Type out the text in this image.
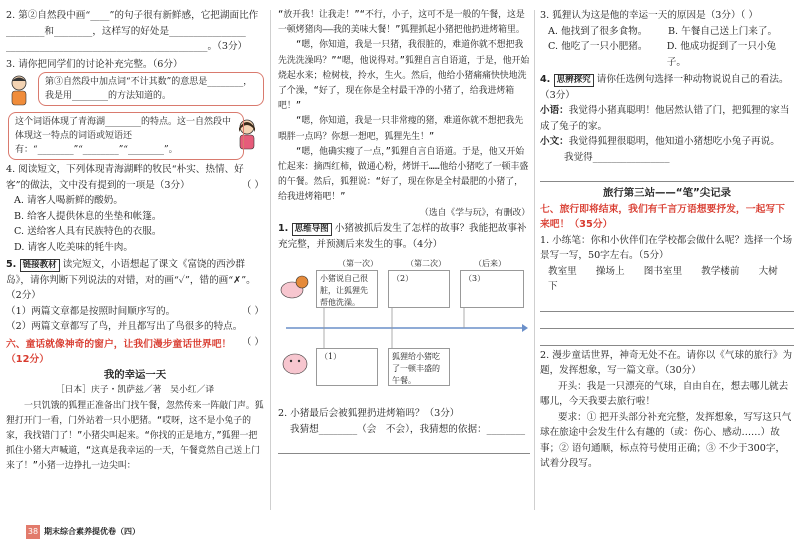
2. 第②自然段中画“____”的句子很有新鲜感，它把湖面比作________和________，这样写的好处是________________
__________________________________________。（3分）
3. 请你把同学们的讨论补充完整。（6分）
第③自然段中加点词“不计其数”的意思是________，我是用________的方法知道的。
这个词语体现了青海湖________的特点。这一自然段中体现这一特点的词语或短语还有：“________”“________”“________”。
4. 阅读短文，下列体现青海湖畔的牧民“朴实、热情、好客”的做法，文中没有提到的一项是（3分）	（ ）
A. 请客人喝新鲜的酸奶。
B. 给客人提供休息的坐垫和帐篷。
C. 送给客人具有民族特色的衣服。
D. 请客人吃美味的牦牛肉。
5. 链接教材 读完短文，小语想起了课文《富饶的西沙群岛》，请你判断下列说法的对错，对的画“✓”，错的画“✗”。（2分）
（1）两篇文章都是按照时间顺序写的。	（ ）
（2）两篇文章都写了鸟，并且都写出了鸟很多的特点。
（ ）
六、童话就像神奇的窗户，让我们漫步童话世界吧！（12分）
我的幸运一天
［日本］庆子・凯萨兹／著　吴小红／译

一只饥饿的狐狸正准备出门找午餐，忽然传来一阵敲门声。狐狸打开门一看，门外站着一只小肥猪。“哎呀，这不是小兔子的家，我找错门了！”小猪尖叫起来。“你找的正是地方，”狐狸一把抓住小猪大声喊道，“这真是我幸运的一天，午餐竟然自己送上门来了！”小猪一边挣扎一边尖叫：

“放开我！让我走！”“不行，小子，这可不是一般的午餐，这是一顿烤猪肉——我的美味大餐！”狐狸抓起小猪把他扔进烤箱里。

“嗯，你知道，我是一只猪，我很脏的，难道你就不想把我先洗洗澡吗？”“嗯，他说得对。”狐狸自言自语道，于是，他开始烧起水来；检树枝，拎水，生火。然后，他给小猪痛痛快快地洗了个澡，“好了，现在你是全村最干净的小猪了，给我进烤箱吧！”

“嗯，你知道，我是一只非常瘦的猪，难道你就不想把我先喂胖一点吗？你想一想吧，狐狸先生！”

“嗯，他确实瘦了一点，”狐狸自言自语道。于是，他又开始忙起来：摘西红柿，做通心粉，烤饼干……他给小猪吃了一顿丰盛的午餐。然后，狐狸说：“好了，现在你是全村最肥的小猪了，给我进烤箱吧！”

（选自《学与玩》，有删改）
1. 思维导图 小猪被抓后发生了怎样的故事？我能把故事补充完整，并预测后来发生的事。（4分）
（第一次）	（第二次）	（后来）
小猪说自己很脏，让狐狸先帮他洗澡。
（2）	（3）
（1）	狐狸给小猪吃了一顿丰盛的午餐。
2. 小猪最后会被狐狸扔进烤箱吗？（3分）
我猜想________（会　不会），我猜想的依据：________
3. 狐狸认为这是他的幸运一天的原因是（3分）（ ）
A. 他找到了很多食物。	B. 午餐自己送上门来了。
C. 他吃了一只小肥猪。	D. 他成功捉到了一只小兔子。
4. 思辨探究 请你任选例句选择一种动物说说自己的看法。（3分）
小语：我觉得小猪真聪明！他居然认错了门，把狐狸的家当成了兔子的家。
小文：我觉得狐狸很聪明，他知道小猪想吃小兔子再说。
我觉得________________
旅行第三站——“笔”尖记录
七、旅行即将结束，我们有千言万语想要抒发，一起写下来吧！（35分）
1. 小练笔：你和小伙伴们在学校都会做什么呢？选择一个场景写一写，50字左右。（5分）
教室里 操场上 图书室里 教学楼前 大树下
2. 漫步童话世界，神奇无处不在。请你以《气球的旅行》为题，发挥想象，写一篇文章。（30分）
开头：我是一只漂亮的气球，自由自在，想去哪儿就去哪儿，今天我要去旅行啦！
要求：① 把开头部分补充完整，发挥想象，写写这只气球在旅途中会发生什么有趣的（或：伤心、感动……）故事；② 语句通顺，标点符号使用正确；③ 不少于300字，试着分段写。
38 期末综合素养提优卷（四）
